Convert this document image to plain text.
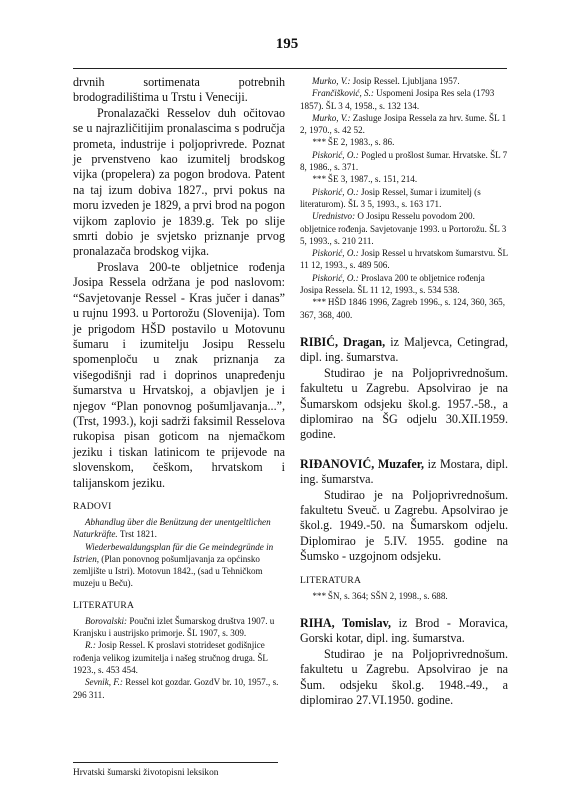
195

drvnih sortimenata potrebnih brodogradilištima u Trstu i Veneciji.

Pronalazački Resselov duh očitovao se u najrazličitijim pronalascima s područja prometa, industrije i poljoprivrede. Poznat je prvenstveno kao izumitelj brodskog vijka (propelera) za pogon brodova. Patent na taj izum dobiva 1827., prvi pokus na moru izveden je 1829, a prvi brod na pogon vijkom zaplovio je 1839.g. Tek po slije smrti dobio je svjetsko priznanje prvog pronalazača brodskog vijka.

Proslava 200-te obljetnice rođenja Josipa Ressela održana je pod naslovom: “Savjetovanje Ressel - Kras jučer i danas” u rujnu 1993. u Portorožu (Slovenija). Tom je prigodom HŠD postavilo u Motovunu šumaru i izumitelju Josipu Resselu spomenploču u znak priznanja za višegodišnji rad i doprinos unapređenju šumarstva u Hrvatskoj, a objavljen je i njegov “Plan ponovnog pošumljavanja...”, (Trst, 1993.), koji sadrži faksimil Resselova rukopisa pisan goticom na njemačkom jeziku i tiskan latinicom te prijevode na slovenskom, češkom, hrvatskom i talijanskom jeziku.

RADOVI

Abhandlug über die Benützung der unentgeltlichen Naturkräfte. Trst 1821.

Wiederbewaldungsplan für die Ge meindegründe in Istrien, (Plan ponovnog pošumljavanja za općinsko zemljište u Istri). Motovun 1842., (sad u Tehničkom muzeju u Beču).

LITERATURA

Borovalski: Poučni izlet Šumarskog društva 1907. u Kranjsku i austrijsko primorje. ŠL 1907, s. 309.

R.: Josip Ressel. K proslavi stotrideset godišnjice rođenja velikog izumitelja i našeg stručnog druga. ŠL 1923., s. 453 454.

Sevnik, F.: Ressel kot gozdar. GozdV br. 10, 1957., s. 296 311.

Murko, V.: Josip Ressel. Ljubljana 1957.

Frančišković, S.: Uspomeni Josipa Res sela (1793 1857). ŠL 3 4, 1958., s. 132 134.

Murko, V.: Zasluge Josipa Ressela za hrv. šume. ŠL 1 2, 1970., s. 42 52.

*** ŠE 2, 1983., s. 86.

Piskorić, O.: Pogled u prošlost šumar. Hrvatske. ŠL 7 8, 1986., s. 371.

*** ŠE 3, 1987., s. 151, 214.

Piskorić, O.: Josip Ressel, šumar i izumitelj (s literaturom). ŠL 3 5, 1993., s. 163 171.

Urednistvo: O Josipu Resselu povodom 200. obljetnice rođenja. Savjetovanje 1993. u Portorožu. ŠL 3 5, 1993., s. 210 211.

Piskorić, O.: Josip Ressel u hrvatskom šumarstvu. ŠL 11 12, 1993., s. 489 506.

Piskorić, O.: Proslava 200 te obljetnice rođenja Josipa Ressela. ŠL 11 12, 1993., s. 534 538.

*** HŠD 1846 1996, Zagreb 1996., s. 124, 360, 365, 367, 368, 400.

RIBIĆ, Dragan, iz Maljevca, Cetingrad, dipl. ing. šumarstva.

Studirao je na Poljoprivrednošum. fakultetu u Zagrebu. Apsolvirao je na Šumarskom odsjeku škol.g. 1957.-58., a diplomirao na ŠG odjelu 30.XII.1959. godine.

RIĐANOVIĆ, Muzafer, iz Mostara, dipl. ing. šumarstva.

Studirao je na Poljoprivrednošum. fakultetu Sveuč. u Zagrebu. Apsolvirao je škol.g. 1949.-50. na Šumarskom odjelu. Diplomirao je 5.IV. 1955. godine na Šumsko - uzgojnom odsjeku.

LITERATURA

*** ŠN, s. 364; SŠN 2, 1998., s. 688.

RIHA, Tomislav, iz Brod - Moravica, Gorski kotar, dipl. ing. šumarstva.

Studirao je na Poljoprivrednošum. fakultetu u Zagrebu. Apsolvirao je na Šum. odsjeku škol.g. 1948.-49., a diplomirao 27.VI.1950. godine.

Hrvatski šumarski životopisni leksikon
